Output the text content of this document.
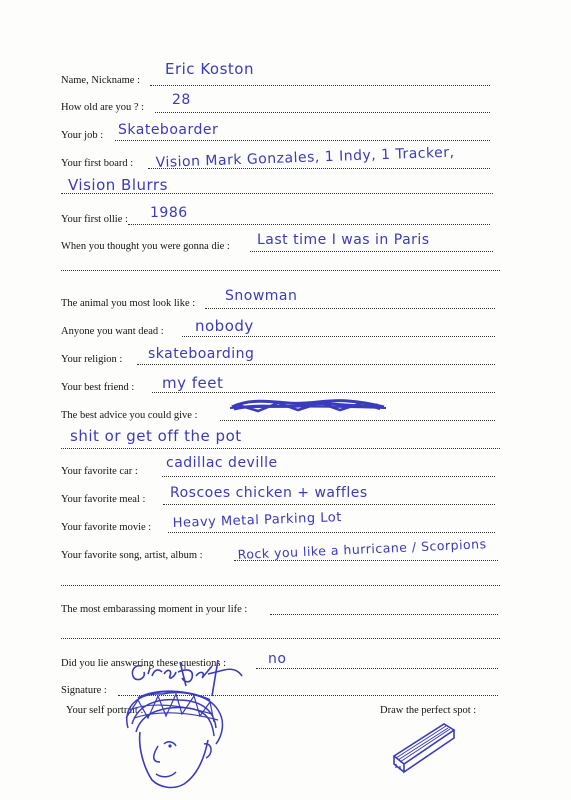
Name, Nickname :
Eric Koston
How old are you ? : 28
Your job : Skateboarder
Your first board : Vision Mark Gonzales, 1 Indy, 1 Tracker,
Vision Blurrs
Your first ollie : 1986
When you thought you were gonna die : Last time I was in Paris
The animal you most look like : Snowman
Anyone you want dead : nobody
Your religion : skateboarding
Your best friend : my feet
The best advice you could give :
shit or get off the pot
Your favorite car :
cadillac deville
Your favorite meal : Roscoes chicken + waffles
Your favorite movie : Heavy Metal Parking Lot
Your favorite song, artist, album :	Rock you like a hurricane / Scorpions
The most embarassing moment in your life :
Did you lie answering these questions :	no
Signature :
Your self portrait :	Draw the perfect spot :
